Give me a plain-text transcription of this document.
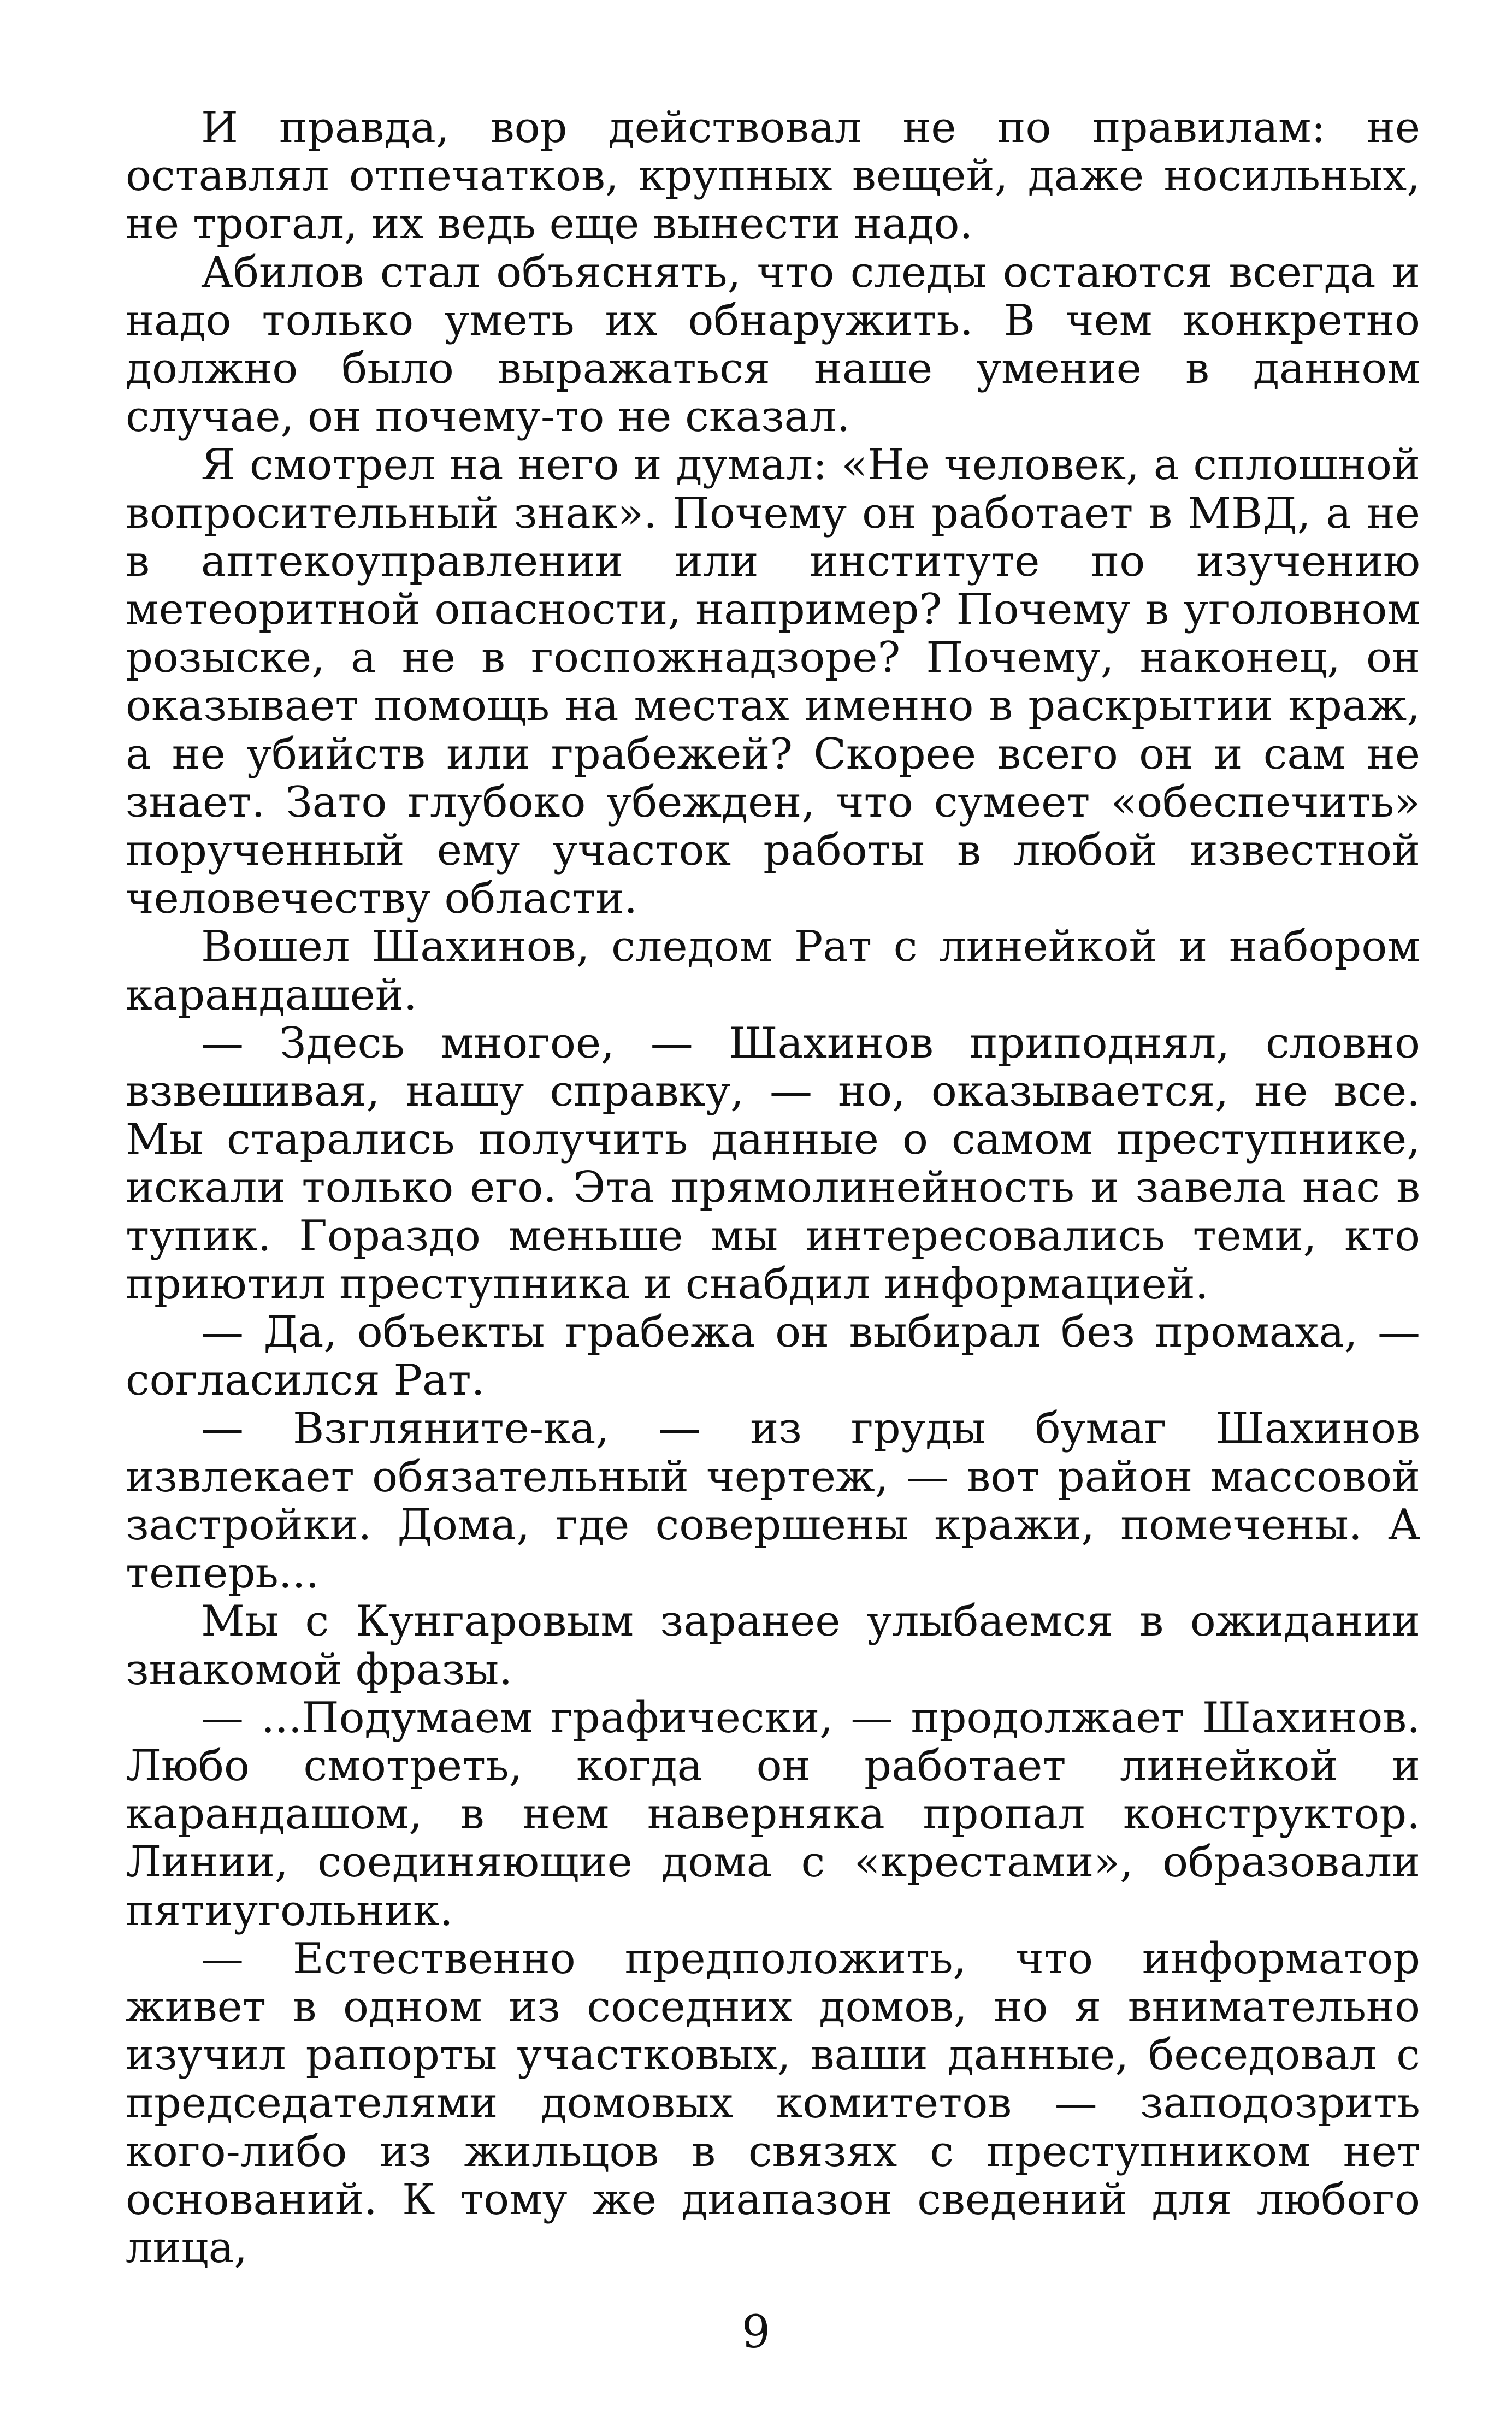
И правда, вор действовал не по правилам: не оставлял отпечатков, крупных вещей, даже носильных, не трогал, их ведь еще вынести надо.

Абилов стал объяснять, что следы остаются всегда и надо только уметь их обнаружить. В чем конкретно должно было выражаться наше умение в данном случае, он почему-то не сказал.

Я смотрел на него и думал: «Не человек, а сплошной вопросительный знак». Почему он работает в МВД, а не в аптекоуправлении или институте по изучению метеоритной опасности, например? Почему в уголовном розыске, а не в госпожнадзоре? Почему, наконец, он оказывает помощь на местах именно в раскрытии краж, а не убийств или грабежей? Скорее всего он и сам не знает. Зато глубоко убежден, что сумеет «обеспечить» порученный ему участок работы в любой известной человечеству области.

Вошел Шахинов, следом Рат с линейкой и набором карандашей.

— Здесь многое, — Шахинов приподнял, словно взвешивая, нашу справку, — но, оказывается, не все. Мы старались получить данные о самом преступнике, искали только его. Эта прямолинейность и завела нас в тупик. Гораздо меньше мы интересовались теми, кто приютил преступника и снабдил информацией.

— Да, объекты грабежа он выбирал без промаха, — согласился Рат.

— Взгляните-ка, — из груды бумаг Шахинов извлекает обязательный чертеж, — вот район массовой застройки. Дома, где совершены кражи, помечены. А теперь...

Мы с Кунгаровым заранее улыбаемся в ожидании знакомой фразы.

— ...Подумаем графически, — продолжает Шахинов. Любо смотреть, когда он работает линейкой и карандашом, в нем наверняка пропал конструктор. Линии, соединяющие дома с «крестами», образовали пятиугольник.

— Естественно предположить, что информатор живет в одном из соседних домов, но я внимательно изучил рапорты участковых, ваши данные, беседовал с председателями домовых комитетов — заподозрить кого-либо из жильцов в связях с преступником нет оснований. К тому же диапазон сведений для любого лица,

9
